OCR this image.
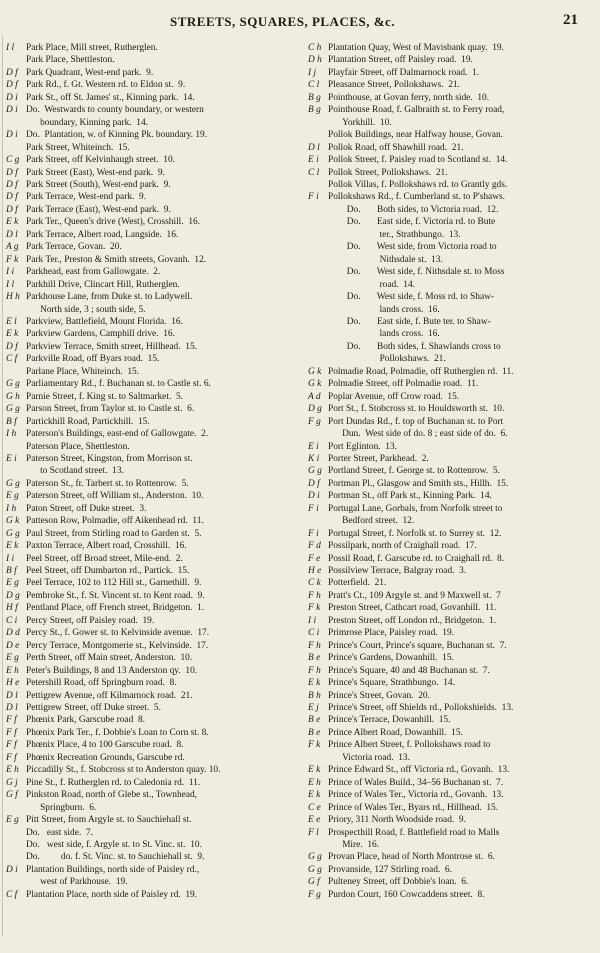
STREETS, SQUARES, PLACES, &c.	21
I l	Park Place, Mill street, Rutherglen.
Park Place, Shettleston.
D f Park Quadrant, West-end park.  9.
D f Park Rd., f. Gt. Western rd. to Eldon st.  9.
D i Park St., off St. James' st., Kinning park.  14.
D i Do.  Westwards to county boundary, or western
boundary, Kinning park.  14.
D i Do.  Plantation, w. of Kinning Pk. boundary. 19.
Park Street, Whiteinch.  15.
C g Park Street, off Kelvinhaugh street.  10.
D f Park Street (East), West-end park.  9.
D f Park Street (South), West-end park.  9.
D f Park Terrace, West-end park.  9.
D f Park Terrace (East), West-end park.  9.
E k Park Ter., Queen's drive (West), Crosshill.  16.
D l Park Terrace, Albert road, Langside.  16.
A g Park Terrace, Govan.  20.
F k Park Ter., Preston & Smith streets, Govanh.  12.
I i	Parkhead, east from Gallowgate.  2.
I l	Parkhill Drive, Clincart Hill, Rutherglen.
H h Parkhouse Lane, from Duke st. to Ladywell.
North side, 3 ; south side, 5.
E l Parkview, Battlefield, Mount Florida.  16.
E k Parkview Gardens, Camphill drive.  16.
D f Parkview Terrace, Smith street, Hillhead.  15.
C f Parkville Road, off Byars road.  15.
Parlane Place, Whiteinch.  15.
G g Parliamentary Rd., f. Buchanan st. to Castle st. 6.
G h Parnie Street, f. King st. to Saltmarket.  5.
G g Parson Street, from Taylor st. to Castle st.  6.
B f Partickhill Road, Partickhill.  15.
I h	Paterson's Buildings, east-end of Gallowgate.  2.
Paterson Place, Shettleston.
E i Paterson Street, Kingston, from Morrison st.
to Scotland street.  13.
G g Paterson St., fr. Tarbert st. to Rottenrow.  5.
E g Paterson Street, off William st., Anderston.  10.
I h	Paton Street, off Duke street.  3.
G k Patteson Row, Polmadie, off Aikenhead rd.  11.
G g Paul Street, from Stirling road to Garden st.  5.
E k Paxton Terrace, Albert road, Crosshill.  16.
I i	Peel Street, off Broad street, Mile-end.  2.
B f Peel Street, off Dumbarton rd., Partick.  15.
E g Peel Terrace, 102 to 112 Hill st., Garnethill.  9.
D g Pembroke St., f. St. Vincent st. to Kent road.  9.
H f Pentland Place, off French street, Bridgeton.  1.
C i Percy Street, off Paisley road.  19.
D d Percy St., f. Gower st. to Kelvinside avenue.  17.
D e Percy Terrace, Montgomerie st., Kelvinside.  17.
E g Perth Street, off Main street, Anderston.  10.
E h Peter's Buildings, 8 and 13 Anderston qy.  10.
H e Petershill Road, off Springburn road.  8.
D l Pettigrew Avenue, off Kilmarnock road.  21.
D l Pettigrew Street, off Duke street.  5.
F f Phœnix Park, Garscube road  8.
F f Phœnix Park Ter., f. Dobbie's Loan to Corn st. 8.
F f Phœnix Place, 4 to 100 Garscube road.  8.
F f Phœnix Recreation Grounds, Garscube rd.
E h Piccadilly St., f. Stobcross st to Anderston quay. 10.
G j Pine St., f. Rutherglen rd. to Caledonia rd.  11.
G f Pinkston Road, north of Glebe st., Townhead,
Springburn.  6.
E g Pitt Street, from Argyle st. to Sauchiehall st.
Do.   east side.  7.
Do.   west side, f. Argyle st. to St. Vinc. st.  10.
Do.         do. f. St. Vinc. st. to Sauchiehall st.  9.
D i Plantation Buildings, north side of Paisley rd.,
west of Parkhouse.  19.
C f Plantation Place, north side of Paisley rd.  19.
C h Plantation Quay, West of Mavisbank quay.  19.
D h Plantation Street, off Paisley road.  19.
I j	Playfair Street, off Dalmarnock road.  1.
C l Pleasance Street, Pollokshaws.  21.
B g Pointhouse, at Govan ferry, north side.  10.
B g Pointhouse Road, f. Galbraith st. to Ferry road,
Yorkhill.  10.
Pollok Buildings, near Halfway house, Govan.
D l Pollok Road, off Shawhill road.  21.
E i Pollok Street, f. Paisley road to Scotland st.  14.
C l Pollok Street, Pollokshaws.  21.
Pollok Villas, f. Pollokshaws rd. to Grantly gds.
F i Pollokshaws Rd., f. Cumberland st. to P'shaws.
Do.       Both sides, to Victoria road.  12.
Do.       East side, f. Victoria rd. to Bute
ter., Strathbungo.  13.
Do.       West side, from Victoria road to
Nithsdale st.  13.
Do.       West side, f. Nithsdale st. to Moss
road.  14.
Do.       West side, f. Moss rd. to Shaw-
lands cross.  16.
Do.       East side, f. Bute ter. to Shaw-
lands cross.  16.
Do.       Both sides, f. Shawlands cross to
Pollokshaws.  21.
G k Polmadie Road, Polmadie, off Rutherglen rd.  11.
G k Polmadie Street, off Polmadie road.  11.
A d Poplar Avenue, off Crow road.  15.
D g Port St., f. Stobcross st. to Houldsworth st.  10.
F g Port Dundas Rd., f. top of Buchanan st. to Port
Dun.  West side of do. 8 ; east side of do.  6.
E i Port Eglinton.  13.
K i Porter Street, Parkhead.  2.
G g Portland Street, f. George st. to Rottenrow.  5.
D f Portman Pl., Glasgow and Smith sts., Hillh.  15.
D i Portman St., off Park st., Kinning Park.  14.
F i Portugal Lane, Gorbals, from Norfolk street to
Bedford street.  12.
F i Portugal Street, f. Norfolk st. to Surrey st.  12.
F d Possilpark, north of Craighall road.  17.
F e Possil Road, f. Garscube rd. to Craighall rd.  8.
H e Possilview Terrace, Balgray road.  3.
C k Potterfield.  21.
F h Pratt's Ct., 109 Argyle st. and 9 Maxwell st.  7
F k Preston Street, Cathcart road, Govanhill.  11.
I i	Preston Street, off London rd., Bridgeton.  1.
C i Primrose Place, Paisley road.  19.
F h Prince's Court, Prince's square, Buchanan st.  7.
B e Prince's Gardens, Dowanhill.  15.
F h Prince's Square, 40 and 48 Buchanan st.  7.
E k Prince's Square, Strathbungo.  14.
B h Prince's Street, Govan.  20.
E j Prince's Street, off Shields rd., Pollokshields.  13.
B e Prince's Terrace, Dowanhill.  15.
B e Prince Albert Road, Dowanhill.  15.
F k Prince Albert Street, f. Pollokshaws road to
Victoria road.  13.
E k Prince Edward St., off Victoria rd., Govanh.  13.
E h Prince of Wales Build., 34–56 Buchanan st.  7.
E k Prince of Wales Ter., Victoria rd., Govanh.  13.
C e Prince of Wales Ter., Byars rd., Hillhead.  15.
E e Priory, 311 North Woodside road.  9.
F l Prospecthill Road, f. Battlefield road to Malls
Mire.  16.
G g Provan Place, head of North Montrose st.  6.
G g Provanside, 127 Stirling road.  6.
G f Pulteney Street, off Dobbie's loan.  6.
F g Purdon Court, 160 Cowcaddens street.  8.
